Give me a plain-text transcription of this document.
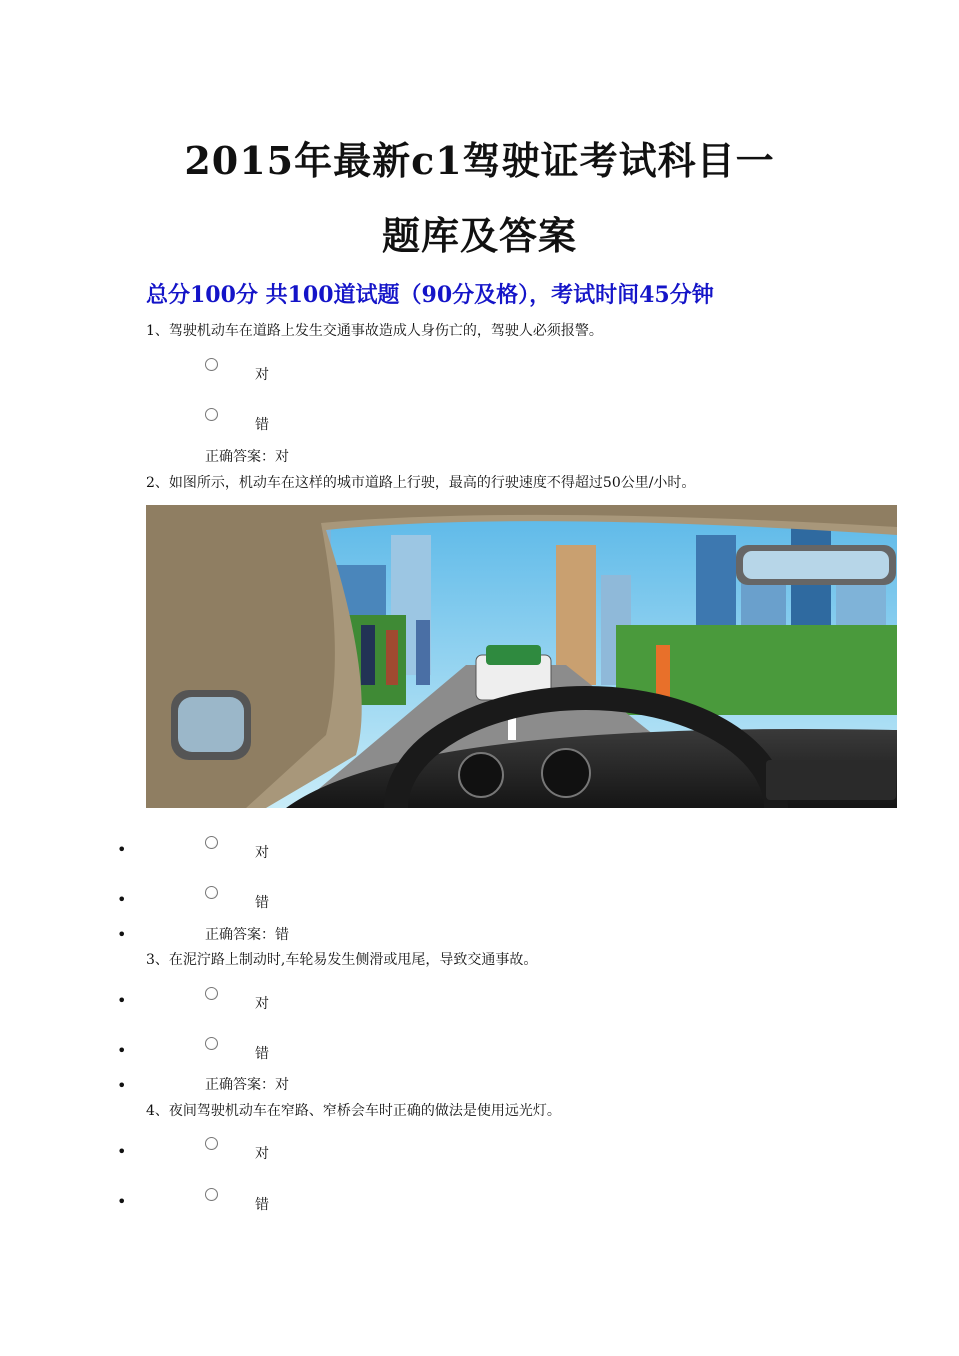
2015年最新c1驾驶证考试科目一
题库及答案
总分100分 共100道试题（90分及格），考试时间45分钟
1、驾驶机动车在道路上发生交通事故造成人身伤亡的，驾驶人必须报警。
对
错
正确答案：对
2、如图所示，机动车在这样的城市道路上行驶，最高的行驶速度不得超过50公里/小时。
•	对
•	错
•	正确答案：错
3、在泥泞路上制动时,车轮易发生侧滑或甩尾，导致交通事故。
•	对
•	错
•	正确答案：对
4、夜间驾驶机动车在窄路、窄桥会车时正确的做法是使用远光灯。
•	对
•	错
